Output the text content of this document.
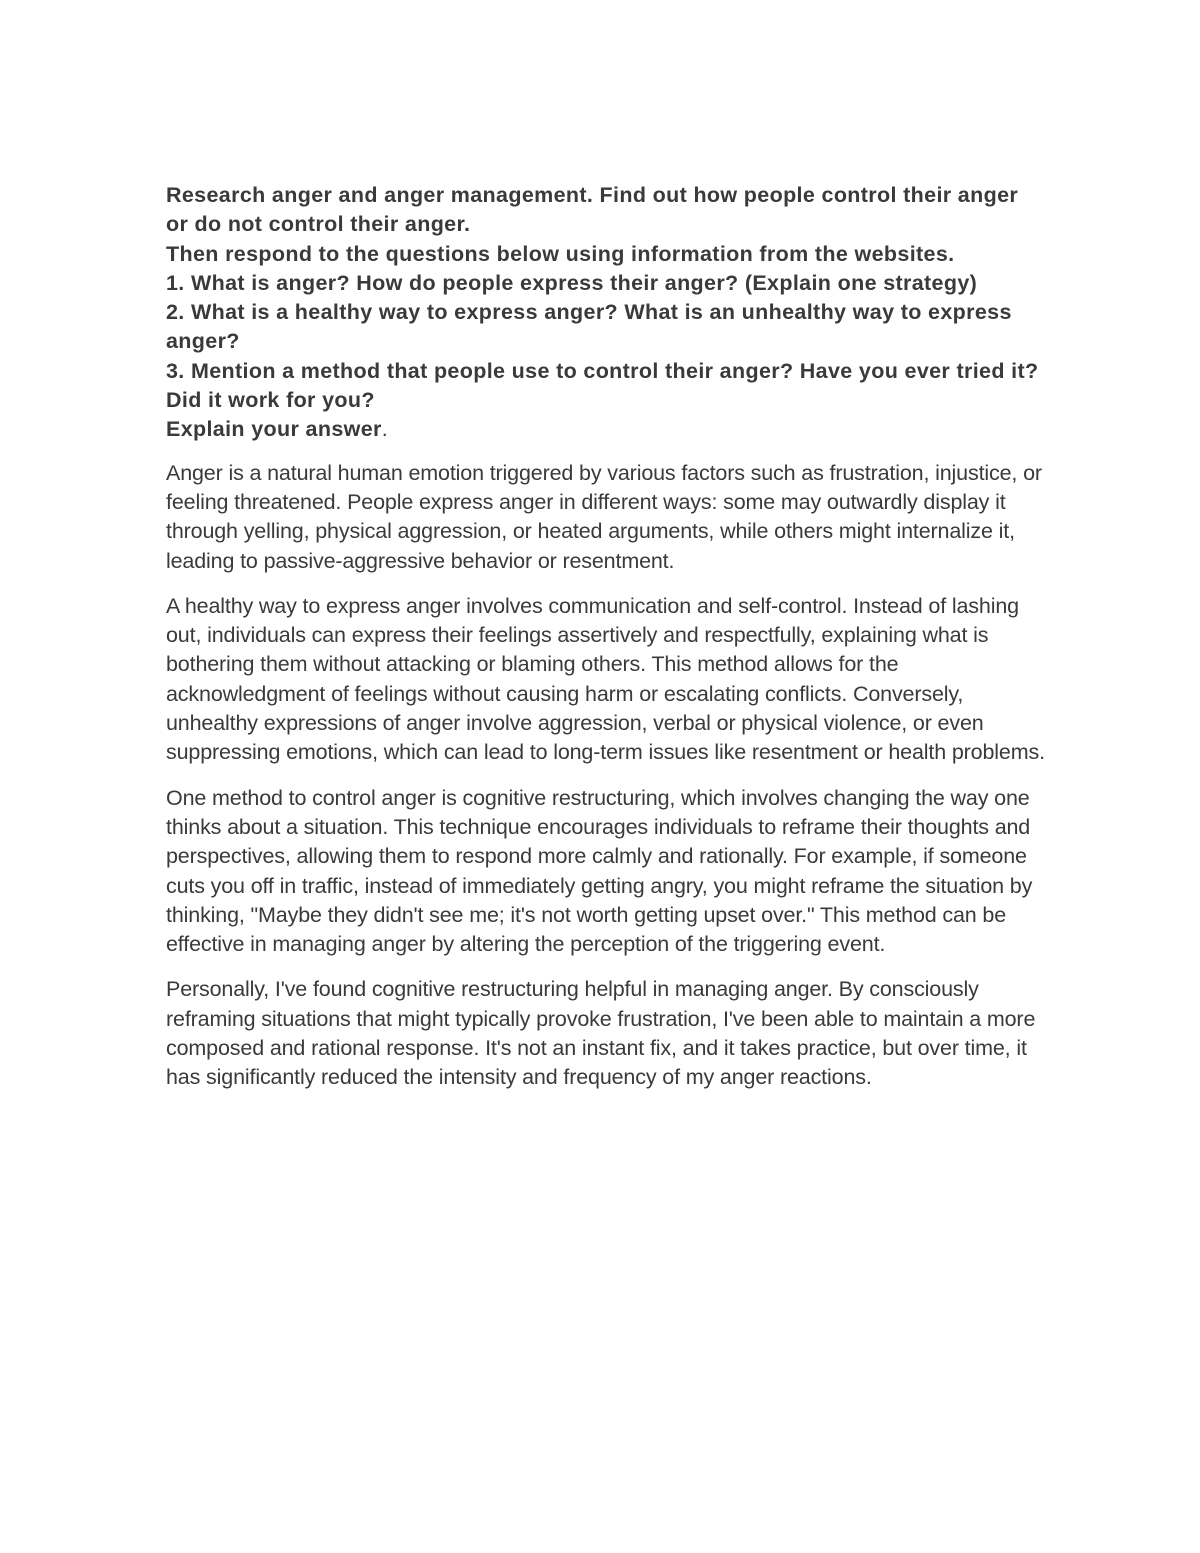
Research anger and anger management. Find out how people control their anger or do not control their anger.

Then respond to the questions below using information from the websites.

1. What is anger? How do people express their anger? (Explain one strategy)

2. What is a healthy way to express anger? What is an unhealthy way to express anger?

3. Mention a method that people use to control their anger? Have you ever tried it? Did it work for you?

Explain your answer.

Anger is a natural human emotion triggered by various factors such as frustration, injustice, or feeling threatened. People express anger in different ways: some may outwardly display it through yelling, physical aggression, or heated arguments, while others might internalize it, leading to passive-aggressive behavior or resentment.

A healthy way to express anger involves communication and self-control. Instead of lashing out, individuals can express their feelings assertively and respectfully, explaining what is bothering them without attacking or blaming others. This method allows for the acknowledgment of feelings without causing harm or escalating conflicts. Conversely, unhealthy expressions of anger involve aggression, verbal or physical violence, or even suppressing emotions, which can lead to long-term issues like resentment or health problems.

One method to control anger is cognitive restructuring, which involves changing the way one thinks about a situation. This technique encourages individuals to reframe their thoughts and perspectives, allowing them to respond more calmly and rationally. For example, if someone cuts you off in traffic, instead of immediately getting angry, you might reframe the situation by thinking, "Maybe they didn't see me; it's not worth getting upset over." This method can be effective in managing anger by altering the perception of the triggering event.

Personally, I've found cognitive restructuring helpful in managing anger. By consciously reframing situations that might typically provoke frustration, I've been able to maintain a more composed and rational response. It's not an instant fix, and it takes practice, but over time, it has significantly reduced the intensity and frequency of my anger reactions.
